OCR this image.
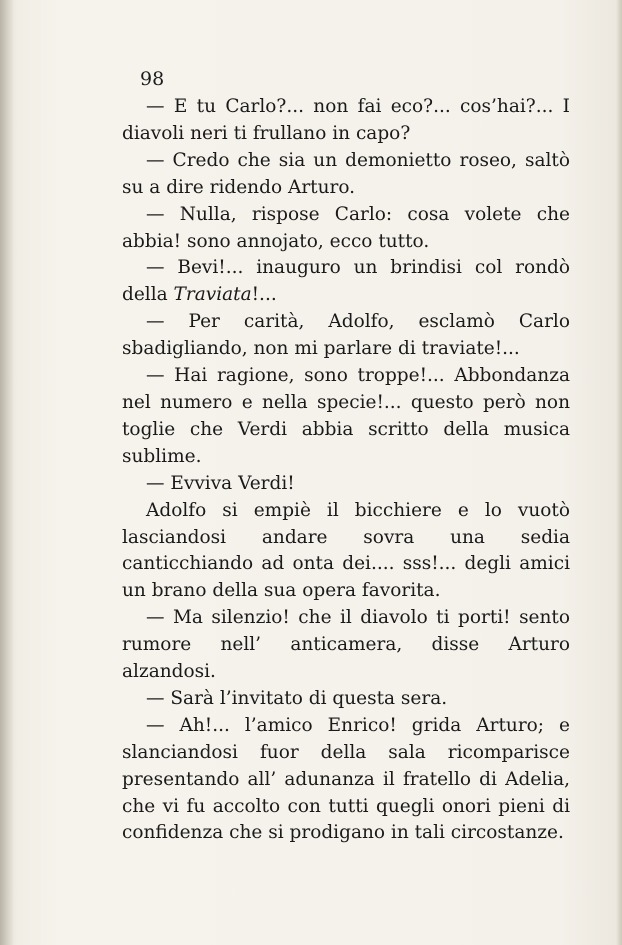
98

— E tu Carlo?... non fai eco?... cos’hai?... I diavoli neri ti frullano in capo?

— Credo che sia un demonietto roseo, saltò su a dire ridendo Arturo.

— Nulla, rispose Carlo: cosa volete che abbia! sono annojato, ecco tutto.

— Bevi!... inauguro un brindisi col rondò della Traviata!...

— Per carità, Adolfo, esclamò Carlo sbadigliando, non mi parlare di traviate!...

— Hai ragione, sono troppe!... Abbondanza nel numero e nella specie!... questo però non toglie che Verdi abbia scritto della musica sublime.

— Evviva Verdi!

Adolfo si empiè il bicchiere e lo vuotò lasciandosi andare sovra una sedia canticchiando ad onta dei.... sss!... degli amici un brano della sua opera favorita.

— Ma silenzio! che il diavolo ti porti! sento rumore nell’ anticamera, disse Arturo alzandosi.

— Sarà l’invitato di questa sera.

— Ah!... l’amico Enrico! grida Arturo; e slanciandosi fuor della sala ricomparisce presentando all’ adunanza il fratello di Adelia, che vi fu accolto con tutti quegli onori pieni di confidenza che si prodigano in tali circostanze.
